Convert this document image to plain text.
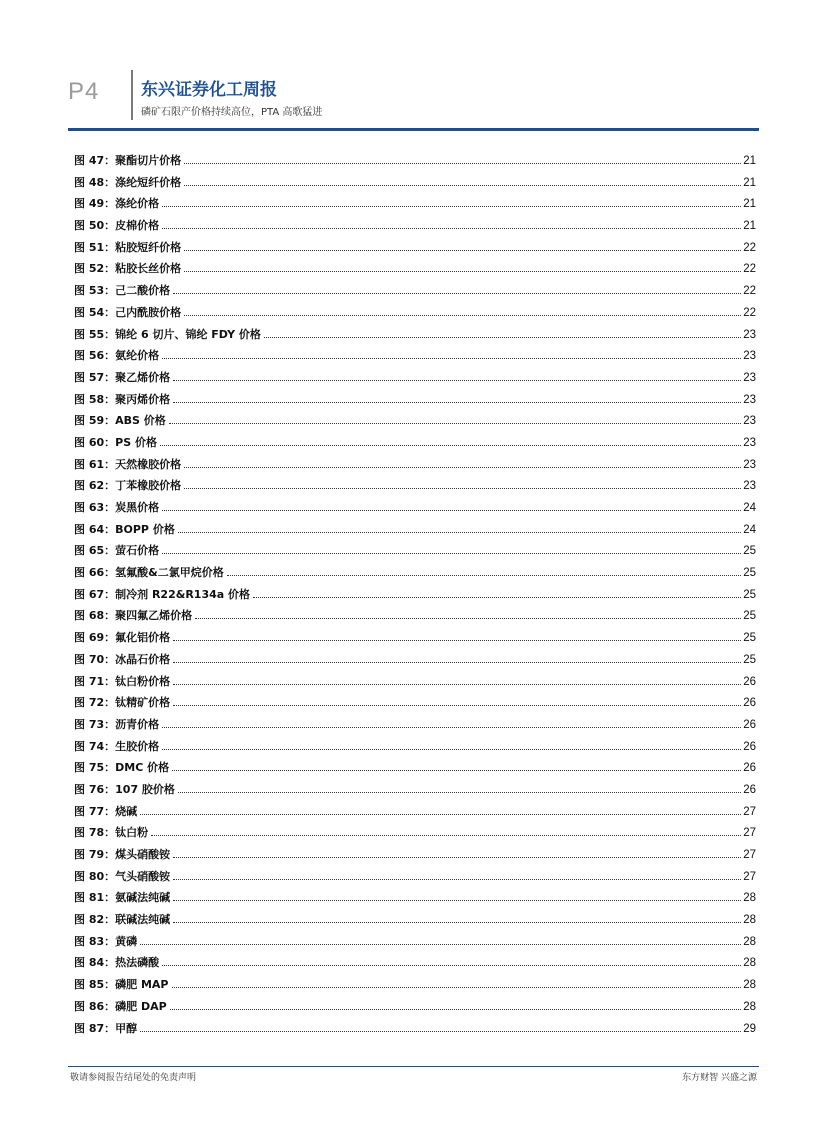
P4 东兴证券化工周报
磷矿石限产价格持续高位，PTA 高歌猛进
图 47：聚酯切片价格	21
图 48：涤纶短纤价格	21
图 49：涤纶价格	21
图 50：皮棉价格	21
图 51：粘胶短纤价格	22
图 52：粘胶长丝价格	22
图 53：己二酸价格	22
图 54：己内酰胺价格	22
图 55：锦纶 6 切片、锦纶 FDY 价格	23
图 56：氨纶价格	23
图 57：聚乙烯价格	23
图 58：聚丙烯价格	23
图 59：ABS 价格	23
图 60：PS 价格	23
图 61：天然橡胶价格	23
图 62：丁苯橡胶价格	23
图 63：炭黑价格	24
图 64：BOPP 价格	24
图 65：萤石价格	25
图 66：氢氟酸&二氯甲烷价格	25
图 67：制冷剂 R22&R134a 价格	25
图 68：聚四氟乙烯价格	25
图 69：氟化铝价格	25
图 70：冰晶石价格	25
图 71：钛白粉价格	26
图 72：钛精矿价格	26
图 73：沥青价格	26
图 74：生胶价格	26
图 75：DMC 价格	26
图 76：107 胶价格	26
图 77：烧碱	27
图 78：钛白粉	27
图 79：煤头硝酸铵	27
图 80：气头硝酸铵	27
图 81：氨碱法纯碱	28
图 82：联碱法纯碱	28
图 83：黄磷	28
图 84：热法磷酸	28
图 85：磷肥 MAP	28
图 86：磷肥 DAP	28
图 87：甲醇	29
敬请参阅报告结尾处的免责声明	东方财智 兴盛之源
